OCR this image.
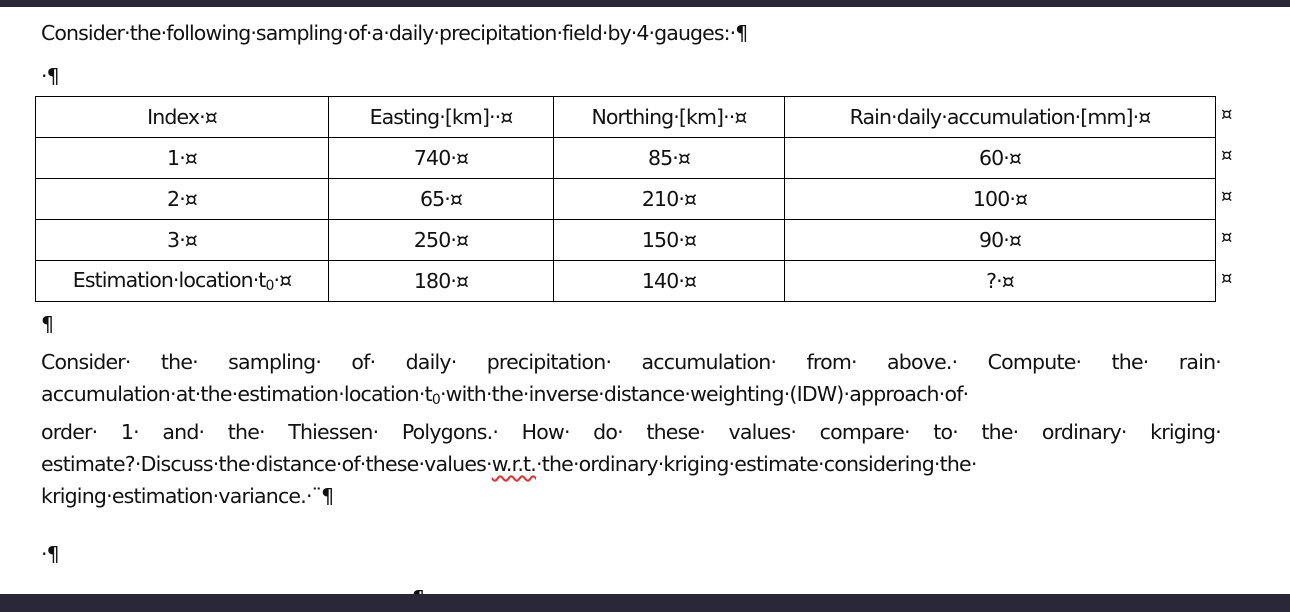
Consider·the·following·sampling·of·a·daily·precipitation·field·by·4·gauges:·¶
·¶
Index·¤	Easting·[km]··¤	Northing·[km]··¤	Rain·daily·accumulation·[mm]·¤
1·¤	740·¤	85·¤	60·¤
2·¤	65·¤	210·¤	100·¤
3·¤	250·¤	150·¤	90·¤
$Estimation\cdot location\cdot t_0\cdot¤$	180·¤	140·¤	?·¤
¤
¤
¤
¤
¤
¶
Consider· the· sampling· of· daily· precipitation· accumulation· from· above.· Compute· the· rain·
$accumulation\cdot at\cdot the\cdot estimation\cdot location\cdot t_0\cdot with\cdot the\cdot inverse\cdot distance\cdot weighting\cdot(IDW)\cdot approach\cdot of\cdot$
order· 1· and· the· Thiessen· Polygons.· How· do· these· values· compare· to· the· ordinary· kriging·
estimate?·Discuss·the·distance·of·these·values·w.r.t.·the·ordinary·kriging·estimate·considering·the·
kriging·estimation·variance.·¨¶
·¶
